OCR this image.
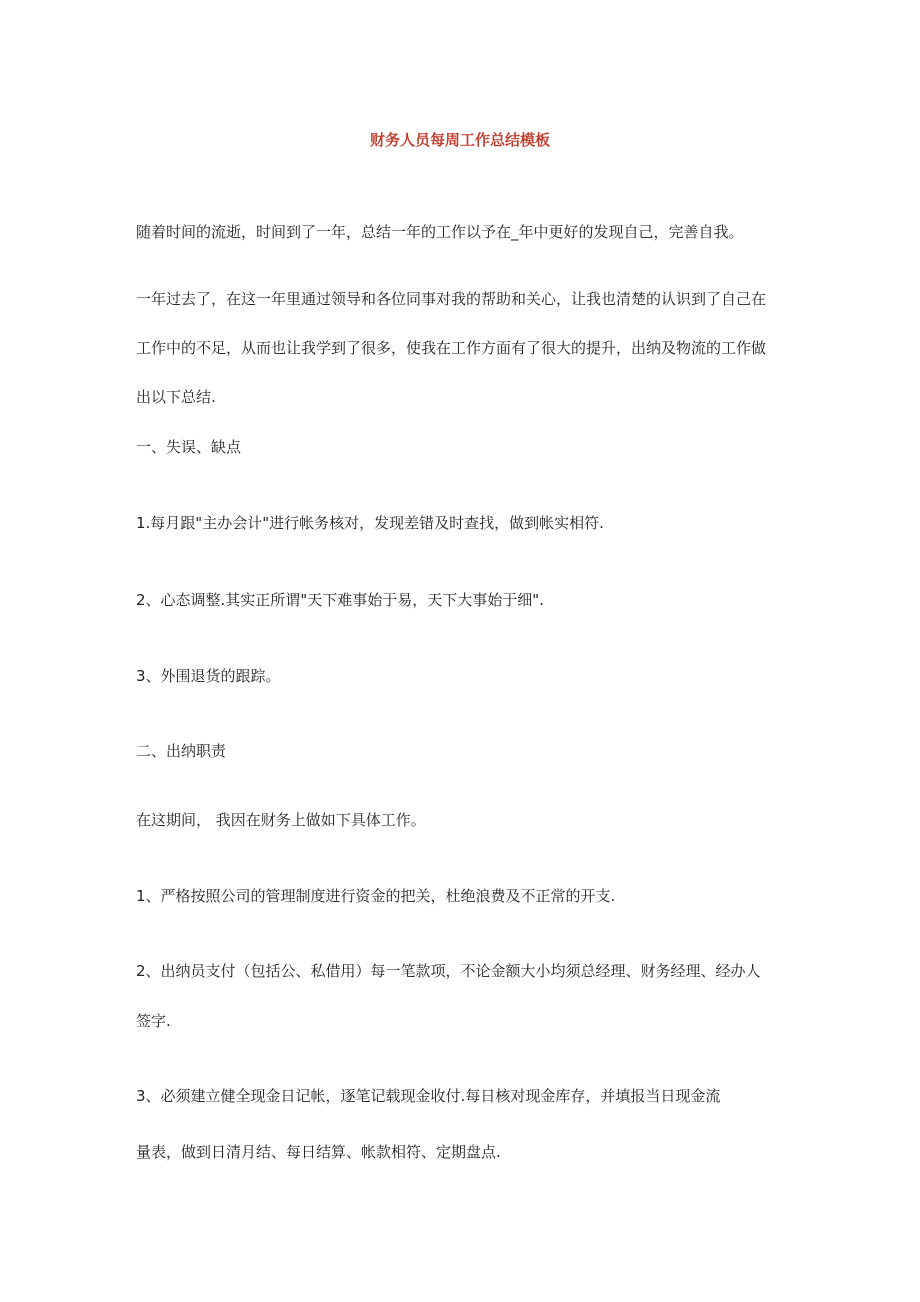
财务人员每周工作总结模板
随着时间的流逝，时间到了一年，总结一年的工作以予在_年中更好的发现自己，完善自我。
一年过去了，在这一年里通过领导和各位同事对我的帮助和关心，让我也清楚的认识到了自己在
工作中的不足，从而也让我学到了很多，使我在工作方面有了很大的提升，出纳及物流的工作做
出以下总结.
一、失误、缺点
1.每月跟"主办会计"进行帐务核对，发现差错及时查找，做到帐实相符.
2、心态调整.其实正所谓"天下难事始于易，天下大事始于细".
3、外围退货的跟踪。
二、出纳职责
在这期间， 我因在财务上做如下具体工作。
1、严格按照公司的管理制度进行资金的把关，杜绝浪费及不正常的开支.
2、出纳员支付（包括公、私借用）每一笔款项，不论金额大小均须总经理、财务经理、经办人
签字.
3、必须建立健全现金日记帐，逐笔记载现金收付.每日核对现金库存，并填报当日现金流
量表，做到日清月结、每日结算、帐款相符、定期盘点.
